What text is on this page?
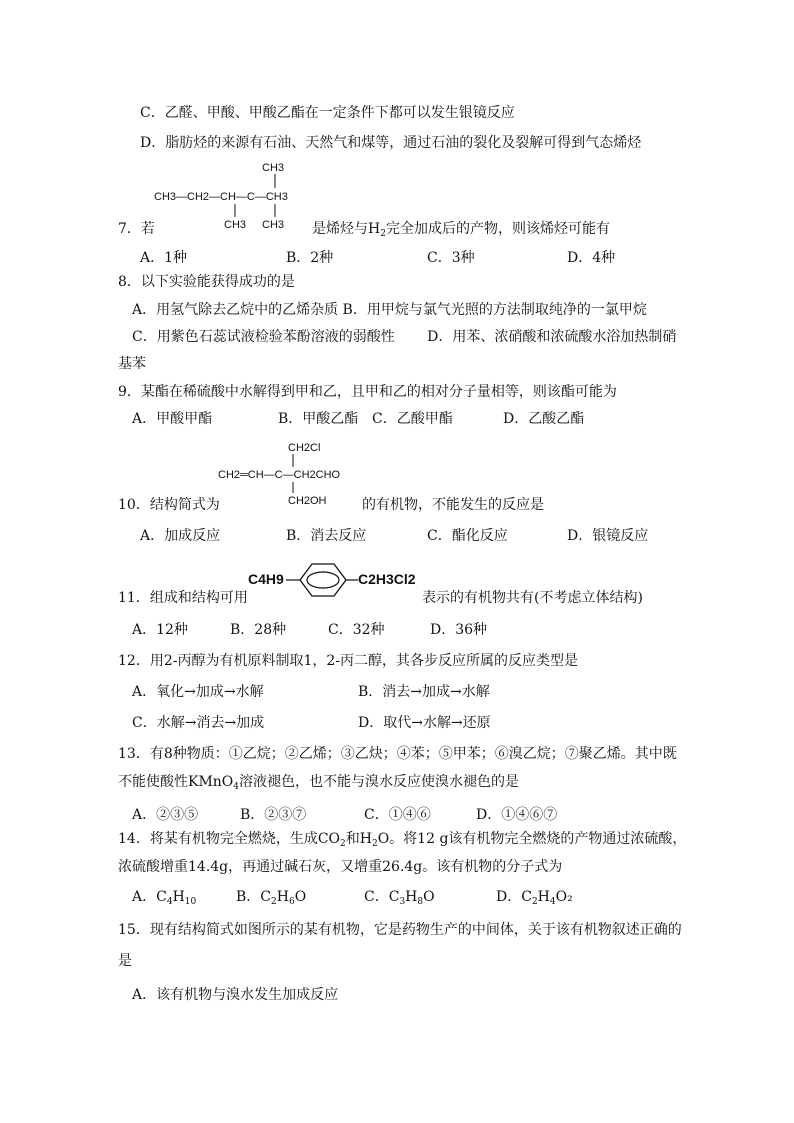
C．乙醛、甲酸、甲酸乙酯在一定条件下都可以发生银镜反应
D．脂肪烃的来源有石油、天然气和煤等，通过石油的裂化及裂解可得到气态烯烃
CH3
CH3—CH2—CH—C—CH3
CH3 CH3
7．若	是烯烃与$H_2$完全加成后的产物，则该烯烃可能有
A．1种	B．2种	C．3种	D．4种
8．以下实验能获得成功的是
A．用氢气除去乙烷中的乙烯杂质 B．用甲烷与氯气光照的方法制取纯净的一氯甲烷
C．用紫色石蕊试液检验苯酚溶液的弱酸性　　 D．用苯、浓硝酸和浓硫酸水浴加热制硝
基苯
9．某酯在稀硫酸中水解得到甲和乙，且甲和乙的相对分子量相等，则该酯可能为
A．甲酸甲酯	B．甲酸乙酯 C．乙酸甲酯	D．乙酸乙酯
CH2Cl
CH2═CH—C—CH2CHO
CH2OH
10．结构简式为	的有机物，不能发生的反应是
A．加成反应	B．消去反应	C．酯化反应	D．银镜反应
C4H9	C2H3Cl2
11．组成和结构可用	表示的有机物共有(不考虑立体结构)
A．12种	B．28种	C．32种	D．36种
12．用2-丙醇为有机原料制取1，2-丙二醇，其各步反应所属的反应类型是
A．氧化→加成→水解	B．消去→加成→水解
C．水解→消去→加成	D．取代→水解→还原
13．有8种物质：①乙烷；②乙烯；③乙炔；④苯；⑤甲苯；⑥溴乙烷；⑦聚乙烯。其中既
不能使酸性KMnO$_4$溶液褪色，也不能与溴水反应使溴水褪色的是
A．②③⑤	B．②③⑦	C．①④⑥	D．①④⑥⑦
14．将某有机物完全燃烧，生成$CO_2$和$H_2O$。将12 g该有机物完全燃烧的产物通过浓硫酸，
浓硫酸增重14.4g，再通过碱石灰，又增重26.4g。该有机物的分子式为
A．$C_4H_{10}$	B．$C_2H_6O$	C．$C_3H_8O$	D．$C_2H_4O_2$
15．现有结构简式如图所示的某有机物，它是药物生产的中间体，关于该有机物叙述正确的
是
A．该有机物与溴水发生加成反应
